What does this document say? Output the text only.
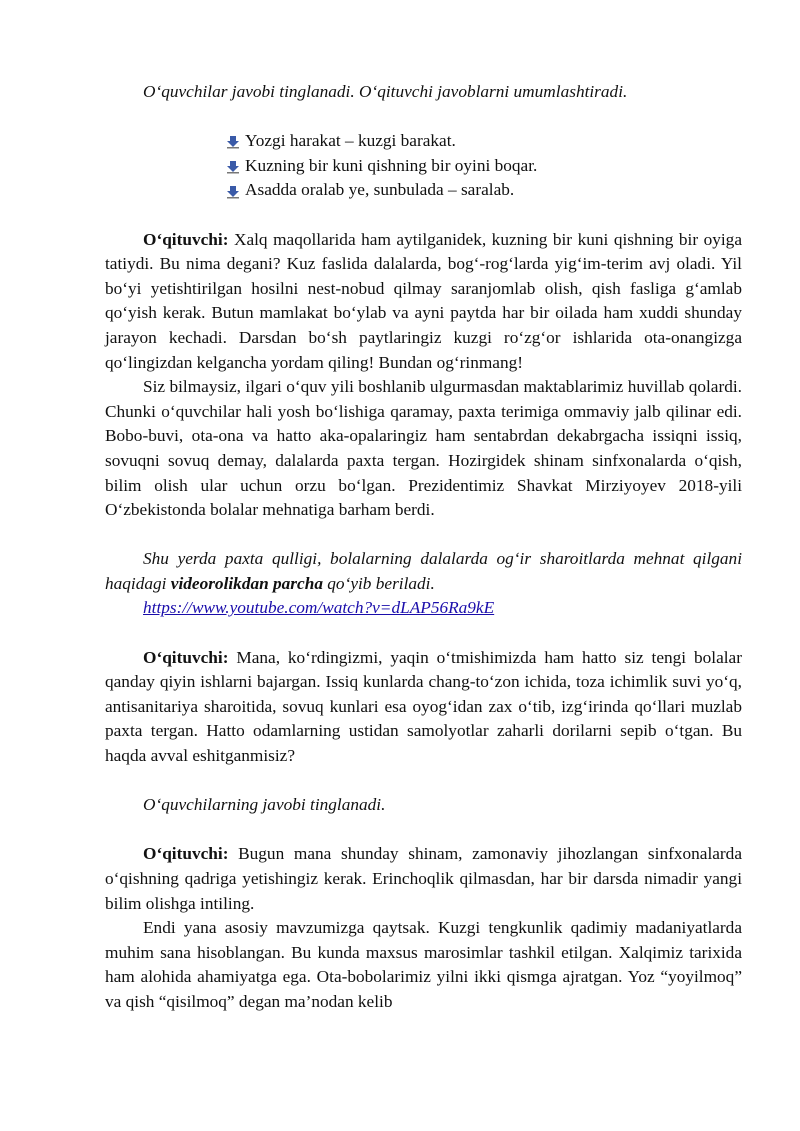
O‘quvchilar javobi tinglanadi. O‘qituvchi javoblarni umumlashtiradi.

Yozgi harakat – kuzgi barakat.
Kuzning bir kuni qishning bir oyini boqar.
Asadda oralab ye, sunbulada – saralab.

O‘qituvchi: Xalq maqollarida ham aytilganidek, kuzning bir kuni qishning bir oyiga tatiydi. Bu nima degani? Kuz faslida dalalarda, bog‘-rog‘larda yig‘im-terim avj oladi. Yil bo‘yi yetishtirilgan hosilni nest-nobud qilmay saranjomlab olish, qish fasliga g‘amlab qo‘yish kerak. Butun mamlakat bo‘ylab va ayni paytda har bir oilada ham xuddi shunday jarayon kechadi. Darsdan bo‘sh paytlaringiz kuzgi ro‘zg‘or ishlarida ota-onangizga qo‘lingizdan kelgancha yordam qiling! Bundan og‘rinmang!

Siz bilmaysiz, ilgari o‘quv yili boshlanib ulgurmasdan maktablarimiz huvillab qolardi. Chunki o‘quvchilar hali yosh bo‘lishiga qaramay, paxta terimiga ommaviy jalb qilinar edi. Bobo-buvi, ota-ona va hatto aka-opalaringiz ham sentabrdan dekabrgacha issiqni issiq, sovuqni sovuq demay, dalalarda paxta tergan. Hozirgidek shinam sinfxonalarda o‘qish, bilim olish ular uchun orzu bo‘lgan. Prezidentimiz Shavkat Mirziyoyev 2018-yili O‘zbekistonda bolalar mehnatiga barham berdi.

Shu yerda paxta qulligi, bolalarning dalalarda og‘ir sharoitlarda mehnat qilgani haqidagi videorolikdan parcha qo‘yib beriladi.

https://www.youtube.com/watch?v=dLAP56Ra9kE

O‘qituvchi: Mana, ko‘rdingizmi, yaqin o‘tmishimizda ham hatto siz tengi bolalar qanday qiyin ishlarni bajargan. Issiq kunlarda chang-to‘zon ichida, toza ichimlik suvi yo‘q, antisanitariya sharoitida, sovuq kunlari esa oyog‘idan zax o‘tib, izg‘irinda qo‘llari muzlab paxta tergan. Hatto odamlarning ustidan samolyotlar zaharli dorilarni sepib o‘tgan. Bu haqda avval eshitganmisiz?

O‘quvchilarning javobi tinglanadi.

O‘qituvchi: Bugun mana shunday shinam, zamonaviy jihozlangan sinfxonalarda o‘qishning qadriga yetishingiz kerak. Erinchoqlik qilmasdan, har bir darsda nimadir yangi bilim olishga intiling.

Endi yana asosiy mavzumizga qaytsak. Kuzgi tengkunlik qadimiy madaniyatlarda muhim sana hisoblangan. Bu kunda maxsus marosimlar tashkil etilgan. Xalqimiz tarixida ham alohida ahamiyatga ega. Ota-bobolarimiz yilni ikki qismga ajratgan. Yoz “yoyilmoq” va qish “qisilmoq” degan ma’nodan kelib
